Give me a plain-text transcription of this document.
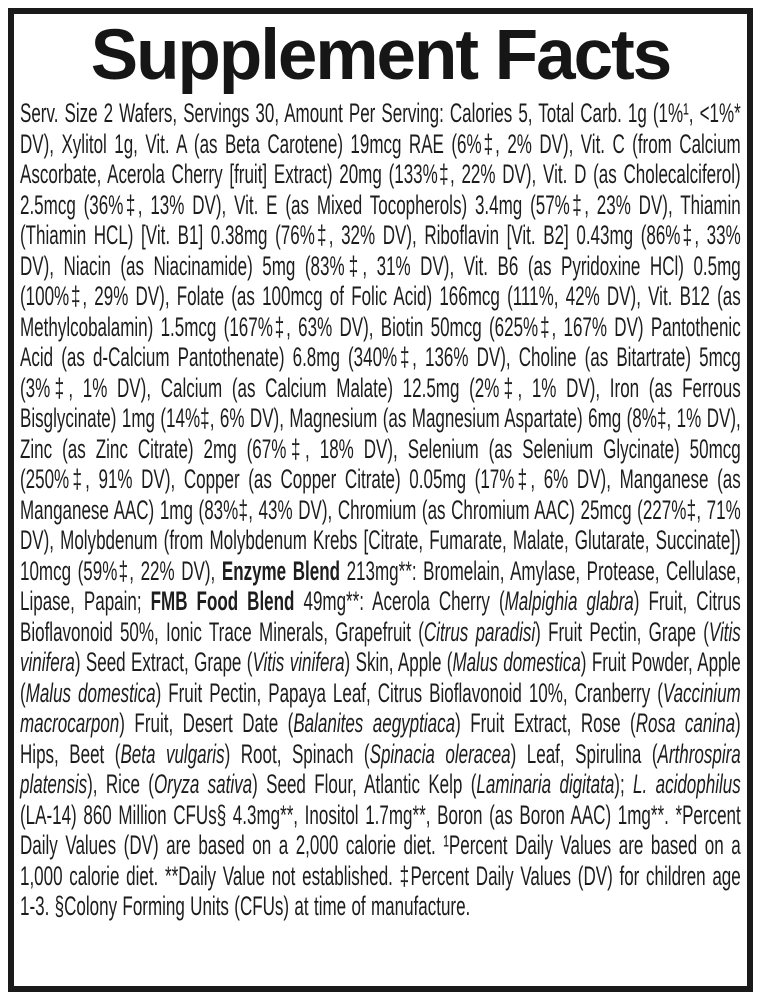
Supplement Facts

Serv. Size 2 Wafers, Servings 30, Amount Per Serving: Calories 5, Total Carb. 1g (1%¹, <1%* DV), Xylitol 1g, Vit. A (as Beta Carotene) 19mcg RAE (6%‡, 2% DV), Vit. C (from Calcium Ascorbate, Acerola Cherry [fruit] Extract) 20mg (133%‡, 22% DV), Vit. D (as Cholecalciferol) 2.5mcg (36%‡, 13% DV), Vit. E (as Mixed Tocopherols) 3.4mg (57%‡, 23% DV), Thiamin (Thiamin HCL) [Vit. B1] 0.38mg (76%‡, 32% DV), Riboflavin [Vit. B2] 0.43mg (86%‡, 33% DV), Niacin (as Niacinamide) 5mg (83%‡, 31% DV), Vit. B6 (as Pyridoxine HCl) 0.5mg (100%‡, 29% DV), Folate (as 100mcg of Folic Acid) 166mcg (111%, 42% DV), Vit. B12 (as Methylcobalamin) 1.5mcg (167%‡, 63% DV), Biotin 50mcg (625%‡, 167% DV) Pantothenic Acid (as d-Calcium Pantothenate) 6.8mg (340%‡, 136% DV), Choline (as Bitartrate) 5mcg (3%‡, 1% DV), Calcium (as Calcium Malate) 12.5mg (2%‡, 1% DV), Iron (as Ferrous Bisglycinate) 1mg (14%‡, 6% DV), Magnesium (as Magnesium Aspartate) 6mg (8%‡, 1% DV), Zinc (as Zinc Citrate) 2mg (67%‡, 18% DV), Selenium (as Selenium Glycinate) 50mcg (250%‡, 91% DV), Copper (as Copper Citrate) 0.05mg (17%‡, 6% DV), Manganese (as Manganese AAC) 1mg (83%‡, 43% DV), Chromium (as Chromium AAC) 25mcg (227%‡, 71% DV), Molybdenum (from Molybdenum Krebs [Citrate, Fumarate, Malate, Glutarate, Succinate]) 10mcg (59%‡, 22% DV), Enzyme Blend 213mg**: Bromelain, Amylase, Protease, Cellulase, Lipase, Papain; FMB Food Blend 49mg**: Acerola Cherry (Malpighia glabra) Fruit, Citrus Bioflavonoid 50%, Ionic Trace Minerals, Grapefruit (Citrus paradisi) Fruit Pectin, Grape (Vitis vinifera) Seed Extract, Grape (Vitis vinifera) Skin, Apple (Malus domestica) Fruit Powder, Apple (Malus domestica) Fruit Pectin, Papaya Leaf, Citrus Bioflavonoid 10%, Cranberry (Vaccinium macrocarpon) Fruit, Desert Date (Balanites aegyptiaca) Fruit Extract, Rose (Rosa canina) Hips, Beet (Beta vulgaris) Root, Spinach (Spinacia oleracea) Leaf, Spirulina (Arthrospira platensis), Rice (Oryza sativa) Seed Flour, Atlantic Kelp (Laminaria digitata); L. acidophilus (LA-14) 860 Million CFUs§ 4.3mg**, Inositol 1.7mg**, Boron (as Boron AAC) 1mg**. *Percent Daily Values (DV) are based on a 2,000 calorie diet. ¹Percent Daily Values are based on a 1,000 calorie diet. **Daily Value not established. ‡Percent Daily Values (DV) for children age 1-3. §Colony Forming Units (CFUs) at time of manufacture.
